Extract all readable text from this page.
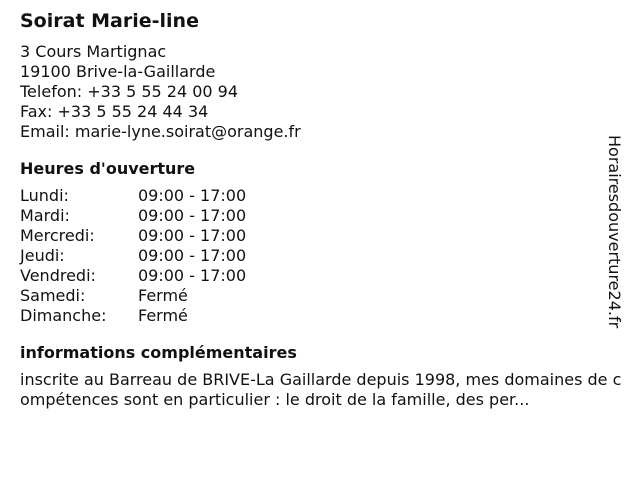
Soirat Marie-line
3 Cours Martignac
19100 Brive-la-Gaillarde
Telefon: +33 5 55 24 00 94
Fax: +33 5 55 24 44 34
Email: marie-lyne.soirat@orange.fr
Heures d'ouverture
Lundi:	09:00 - 17:00
Mardi:	09:00 - 17:00
Mercredi:	09:00 - 17:00
Jeudi:	09:00 - 17:00
Vendredi:	09:00 - 17:00
Samedi:	Fermé
Dimanche:	Fermé
informations complémentaires
inscrite au Barreau de BRIVE-La Gaillarde depuis 1998, mes domaines de compétences sont en particulier : le droit de la famille, des per...
Horairesdouverture24.fr
